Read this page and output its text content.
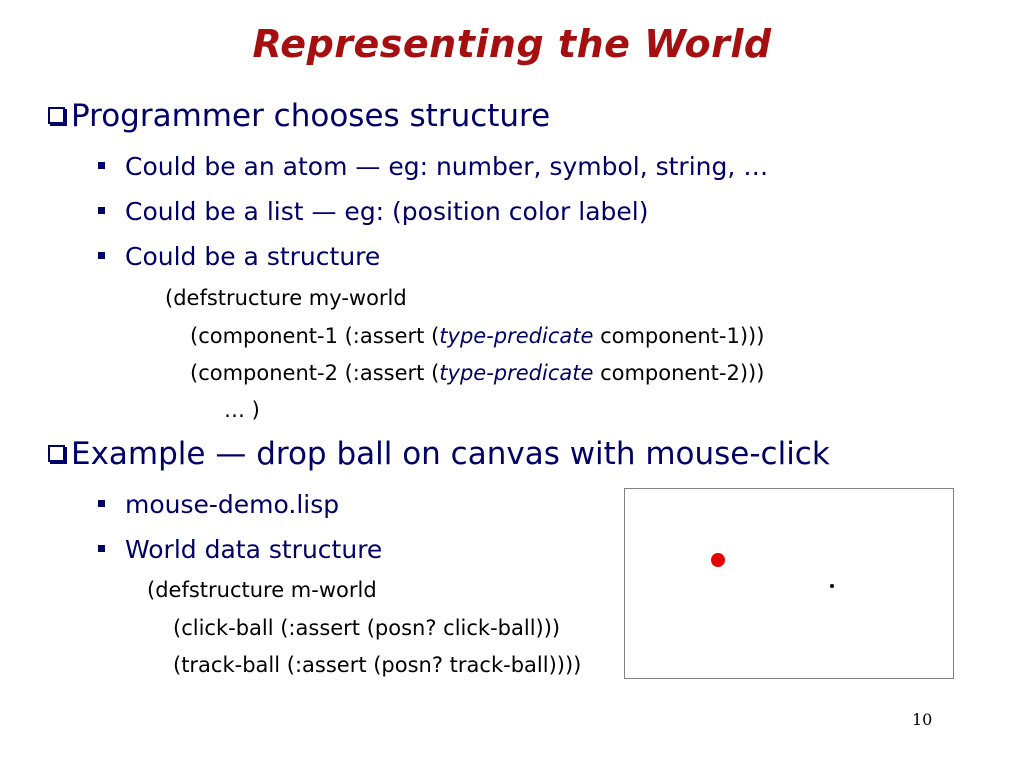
Representing the World
Programmer chooses structure
Could be an atom — eg: number, symbol, string, …
Could be a list — eg: (position color label)
Could be a structure
(defstructure my-world
(component-1 (:assert (type-predicate component-1)))
(component-2 (:assert (type-predicate component-2)))
… )
Example — drop ball on canvas with mouse-click
mouse-demo.lisp
World data structure
(defstructure m-world
(click-ball (:assert (posn? click-ball)))
(track-ball (:assert (posn? track-ball))))
10
